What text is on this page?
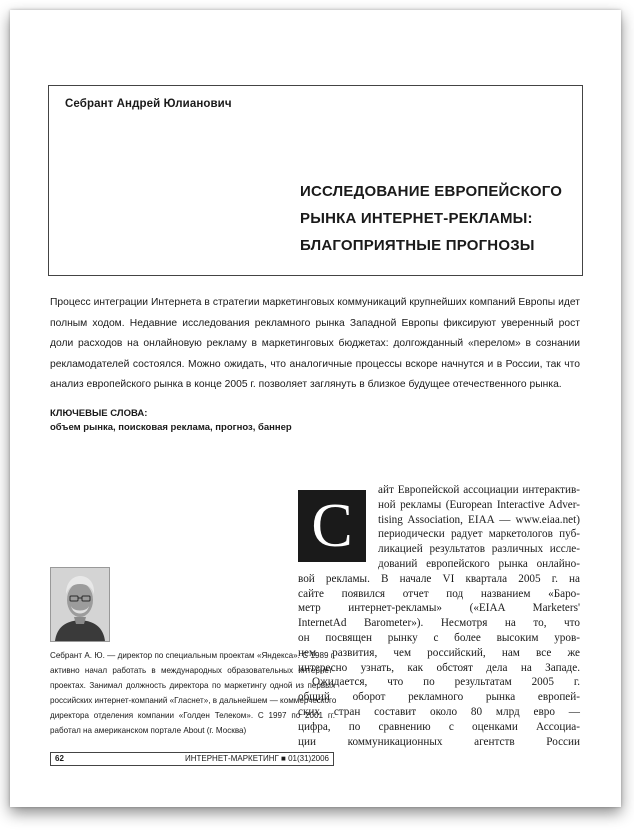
Себрант Андрей Юлианович
ИССЛЕДОВАНИЕ ЕВРОПЕЙСКОГО
РЫНКА ИНТЕРНЕТ-РЕКЛАМЫ:
БЛАГОПРИЯТНЫЕ ПРОГНОЗЫ
Процесс интеграции Интернета в стратегии маркетинговых коммуникаций крупнейших компаний Европы идет полным ходом. Недавние исследования рекламного рынка Западной Европы фиксируют уверенный рост доли расходов на онлайновую рекламу в маркетинговых бюджетах: долгожданный «перелом» в сознании рекламодателей состоялся. Можно ожидать, что аналогичные процессы вскоре начнутся и в России, так что анализ европейского рынка в конце 2005 г. позволяет заглянуть в близкое будущее отечественного рынка.
КЛЮЧЕВЫЕ СЛОВА:
объем рынка, поисковая реклама, прогноз, баннер
С
айт Европейской ассоциации интерактив-
ной рекламы (European Interactive Adver-
tising Association, EIAA — www.eiaa.net)
периодически радует маркетологов пуб-
ликацией результатов различных иссле-
дований европейского рынка онлайно-
вой рекламы. В начале VI квартала 2005 г. на
сайте появился отчет под названием «Баро-
метр интернет-рекламы» («EIAA Marketers'
InternetAd Barometer»). Несмотря на то, что
он посвящен рынку с более высоким уров-
нем развития, чем российский, нам все же
интересно узнать, как обстоят дела на Западе.
Ожидается, что по результатам 2005 г.
общий оборот рекламного рынка европей-
ских стран составит около 80 млрд евро —
цифра, по сравнению с оценками Ассоциа-
ции коммуникационных агентств России
Себрант А. Ю. — директор по специальным проектам «Яндекса». С 1989 г.
активно начал работать в международных образовательных интернет-
проектах. Занимал должность директора по маркетингу одной из первых
российских интернет-компаний «Гласнет», в дальнейшем — коммерческого
директора отделения компании «Голден Телеком». С 1997 по 2001 гг.
работал на американском портале About (г. Москва)
62	ИНТЕРНЕТ-МАРКЕТИНГ ■ 01(31)2006
